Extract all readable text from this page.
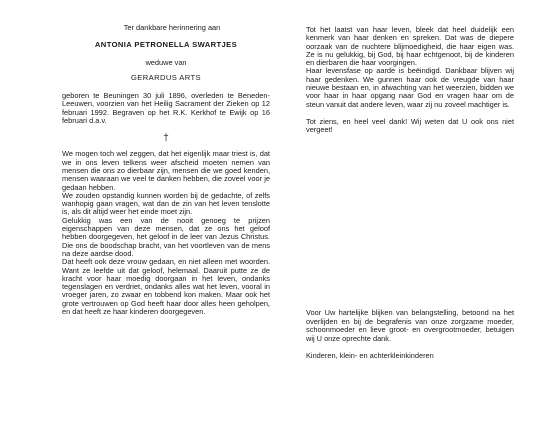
Ter dankbare herinnering aan

ANTONIA PETRONELLA SWARTJES

weduwe van

GERARDUS ARTS

geboren te Beuningen 30 juli 1896, overleden te Beneden-Leeuwen, voorzien van het Heilig Sacrament der Zieken op 12 februari 1992. Begraven op het R.K. Kerkhof te Ewijk op 16 februari d.a.v.

†

We mogen toch wel zeggen, dat het eigenlijk maar triest is, dat we in ons leven telkens weer afscheid moeten nemen van mensen die ons zo dierbaar zijn, mensen die we goed kenden, mensen waaraan we veel te danken hebben, die zoveel voor je gedaan hebben.

We zouden opstandig kunnen worden bij de gedachte, of zelfs wanhopig gaan vragen, wat dan de zin van het leven tenslotte is, als dit altijd weer het einde moet zijn.

Gelukkig was een van de nooit genoeg te prijzen eigenschappen van deze mensen, dat ze ons het geloof hebben doorgegeven, het geloof in de leer van Jezus Christus. Die ons de boodschap bracht, van het voortleven van de mens na deze aardse dood.

Dat heeft ook deze vrouw gedaan, en niet alleen met woorden. Want ze leefde uit dat geloof, helemaal. Daaruit putte ze de kracht voor haar moedig doorgaan in het leven, ondanks tegenslagen en verdriet, ondanks alles wat het leven, vooral in vroeger jaren, zo zwaar en tobbend kon maken. Maar ook het grote vertrouwen op God heeft haar door alles heen geholpen, en dat heeft ze haar kinderen doorgegeven.

Tot het laatst van haar leven, bleek dat heel duidelijk een kenmerk van haar denken en spreken. Dat was de diepere oorzaak van de nuchtere blijmoedigheid, die haar eigen was. Ze is nu gelukkig, bij God, bij haar echtgenoot, bij de kinderen en dierbaren die haar voorgingen.

Haar levensfase op aarde is beëindigd. Dankbaar blijven wij haar gedenken. We gunnen haar ook de vreugde van haar nieuwe bestaan en, in afwachting van het weerzien, bidden we voor haar in haar opgang naar God en vragen haar om de steun vanuit dat andere leven, waar zij nu zoveel machtiger is.

Tot ziens, en heel veel dank! Wij weten dat U ook ons niet vergeet!

Voor Uw hartelijke blijken van belangstelling, betoond na het overlijden en bij de begrafenis van onze zorgzame moeder, schoonmoeder en lieve groot- en overgrootmoeder, betuigen wij U onze oprechte dank.

Kinderen, klein- en achterkleinkinderen
